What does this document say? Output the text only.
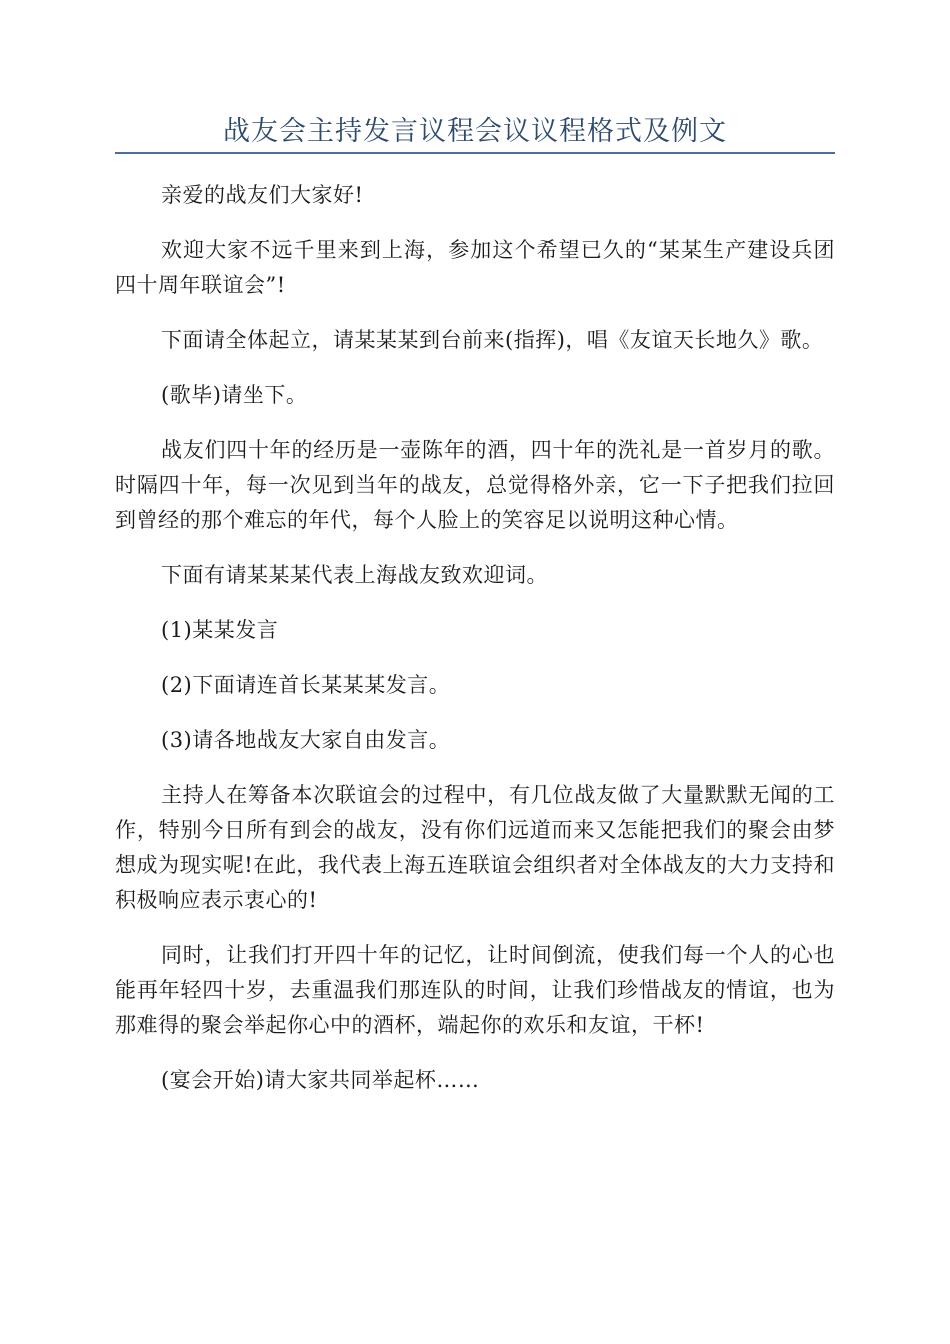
战友会主持发言议程会议议程格式及例文

亲爱的战友们大家好!

欢迎大家不远千里来到上海，参加这个希望已久的“某某生产建设兵团四十周年联谊会”!

下面请全体起立，请某某某到台前来(指挥)，唱《友谊天长地久》歌。

(歌毕)请坐下。

战友们四十年的经历是一壶陈年的酒，四十年的洗礼是一首岁月的歌。时隔四十年，每一次见到当年的战友，总觉得格外亲，它一下子把我们拉回到曾经的那个难忘的年代，每个人脸上的笑容足以说明这种心情。

下面有请某某某代表上海战友致欢迎词。

(1)某某发言

(2)下面请连首长某某某发言。

(3)请各地战友大家自由发言。

主持人在筹备本次联谊会的过程中，有几位战友做了大量默默无闻的工作，特别今日所有到会的战友，没有你们远道而来又怎能把我们的聚会由梦想成为现实呢!在此，我代表上海五连联谊会组织者对全体战友的大力支持和积极响应表示衷心的!

同时，让我们打开四十年的记忆，让时间倒流，使我们每一个人的心也能再年轻四十岁，去重温我们那连队的时间，让我们珍惜战友的情谊，也为那难得的聚会举起你心中的酒杯，端起你的欢乐和友谊，干杯!

(宴会开始)请大家共同举起杯……
